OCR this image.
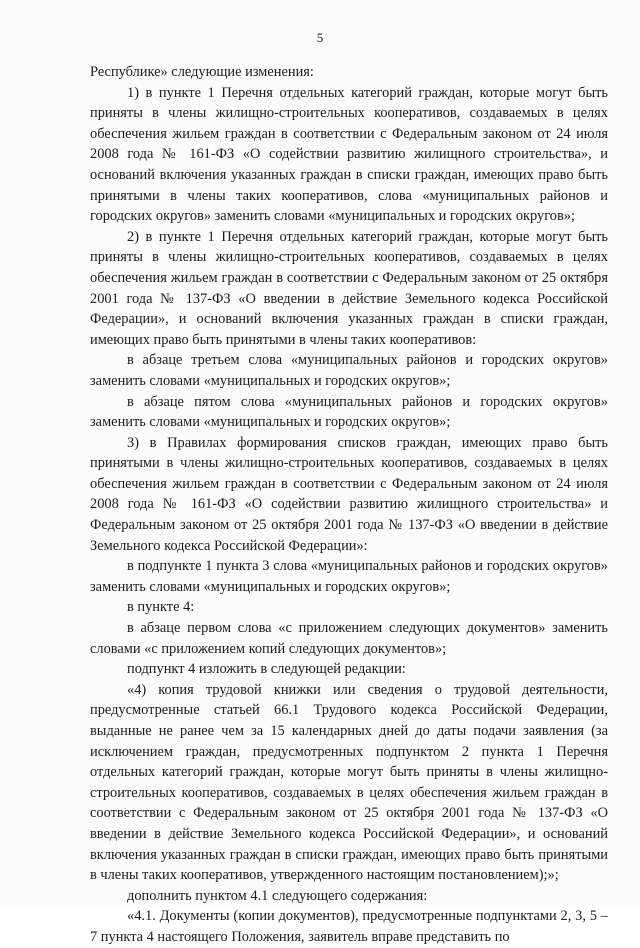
5

Республике» следующие изменения:

1) в пункте 1 Перечня отдельных категорий граждан, которые могут быть приняты в члены жилищно-строительных кооперативов, создаваемых в целях обеспечения жильем граждан в соответствии с Федеральным законом от 24 июля 2008 года № 161-ФЗ «О содействии развитию жилищного строительства», и оснований включения указанных граждан в списки граждан, имеющих право быть принятыми в члены таких кооперативов, слова «муниципальных районов и городских округов» заменить словами «муниципальных и городских округов»;

2) в пункте 1 Перечня отдельных категорий граждан, которые могут быть приняты в члены жилищно-строительных кооперативов, создаваемых в целях обеспечения жильем граждан в соответствии с Федеральным законом от 25 октября 2001 года № 137-ФЗ «О введении в действие Земельного кодекса Российской Федерации», и оснований включения указанных граждан в списки граждан, имеющих право быть принятыми в члены таких кооперативов:

в абзаце третьем слова «муниципальных районов и городских округов» заменить словами «муниципальных и городских округов»;

в абзаце пятом слова «муниципальных районов и городских округов» заменить словами «муниципальных и городских округов»;

3) в Правилах формирования списков граждан, имеющих право быть принятыми в члены жилищно-строительных кооперативов, создаваемых в целях обеспечения жильем граждан в соответствии с Федеральным законом от 24 июля 2008 года № 161-ФЗ «О содействии развитию жилищного строительства» и Федеральным законом от 25 октября 2001 года № 137-ФЗ «О введении в действие Земельного кодекса Российской Федерации»:

в подпункте 1 пункта 3 слова «муниципальных районов и городских округов» заменить словами «муниципальных и городских округов»;

в пункте 4:

в абзаце первом слова «с приложением следующих документов» заменить словами «с приложением копий следующих документов»;

подпункт 4 изложить в следующей редакции:

«4) копия трудовой книжки или сведения о трудовой деятельности, предусмотренные статьей 66.1 Трудового кодекса Российской Федерации, выданные не ранее чем за 15 календарных дней до даты подачи заявления (за исключением граждан, предусмотренных подпунктом 2 пункта 1 Перечня отдельных категорий граждан, которые могут быть приняты в члены жилищно-строительных кооперативов, создаваемых в целях обеспечения жильем граждан в соответствии с Федеральным законом от 25 октября 2001 года № 137-ФЗ «О введении в действие Земельного кодекса Российской Федерации», и оснований включения указанных граждан в списки граждан, имеющих право быть принятыми в члены таких кооперативов, утвержденного настоящим постановлением);»;

дополнить пунктом 4.1 следующего содержания:

«4.1. Документы (копии документов), предусмотренные подпунктами 2, 3, 5 – 7 пункта 4 настоящего Положения, заявитель вправе представить по
